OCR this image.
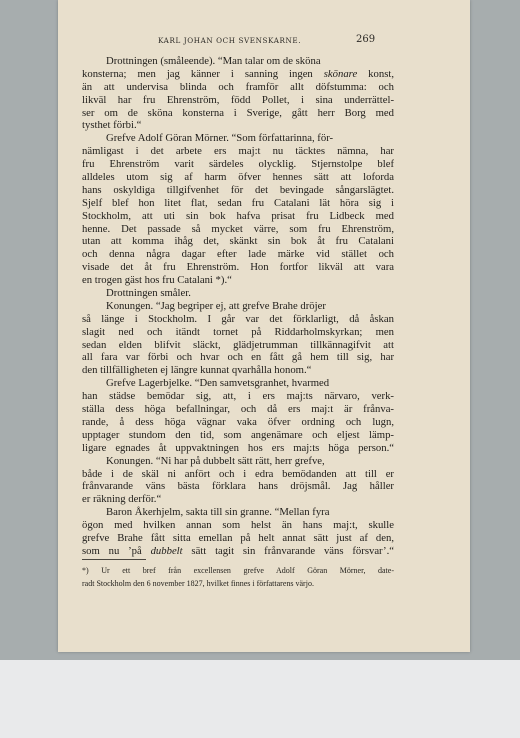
KARL JOHAN OCH SVENSKARNE.	269
Drottningen (småleende). “Man talar om de sköna
konsterna; men jag känner i sanning ingen skönare konst,
än att undervisa blinda och framför allt döfstumma: och
likväl har fru Ehrenström, född Pollet, i sina underrättel-
ser om de sköna konsterna i Sverige, gått herr Borg med
tysthet förbi.“
Grefve Adolf Göran Mörner. “Som författarinna, för-
nämligast i det arbete ers maj:t nu täcktes nämna, har
fru Ehrenström varit särdeles olycklig. Stjernstolpe blef
alldeles utom sig af harm öfver hennes sätt att loforda
hans oskyldiga tillgifvenhet för det bevingade sångarslägtet.
Sjelf blef hon litet flat, sedan fru Catalani lät höra sig i
Stockholm, att uti sin bok hafva prisat fru Lidbeck med
henne. Det passade så mycket värre, som fru Ehrenström,
utan att komma ihåg det, skänkt sin bok åt fru Catalani
och denna några dagar efter lade märke vid stället och
visade det åt fru Ehrenström. Hon fortfor likväl att vara
en trogen gäst hos fru Catalani *).“
Drottningen småler.
Konungen. “Jag begriper ej, att grefve Brahe dröjer
så länge i Stockholm. I går var det förklarligt, då åskan
slagit ned och itändt tornet på Riddarholmskyrkan; men
sedan elden blifvit släckt, glädjetrumman tillkännagifvit att
all fara var förbi och hvar och en fått gå hem till sig, har
den tillfälligheten ej längre kunnat qvarhålla honom.“
Grefve Lagerbjelke. “Den samvetsgranhet, hvarmed
han städse bemödar sig, att, i ers maj:ts närvaro, verk-
ställa dess höga befallningar, och då ers maj:t är frånva-
rande, å dess höga vägnar vaka öfver ordning och lugn,
upptager stundom den tid, som angenämare och eljest lämp-
ligare egnades åt uppvaktningen hos ers maj:ts höga person.“
Konungen. “Ni har på dubbelt sätt rätt, herr grefve,
både i de skäl ni anfört och i edra bemödanden att till er
frånvarande väns bästa förklara hans dröjsmål. Jag håller
er räkning derför.“
Baron Åkerhjelm, sakta till sin granne. “Mellan fyra
ögon med hvilken annan som helst än hans maj:t, skulle
grefve Brahe fått sitta emellan på helt annat sätt just af den,
som nu ’på dubbelt sätt tagit sin frånvarande väns försvar’.“
*) Ur ett bref från excellensen grefve Adolf Göran Mörner, date-
radt Stockholm den 6 november 1827, hvilket finnes i författarens värjo.
